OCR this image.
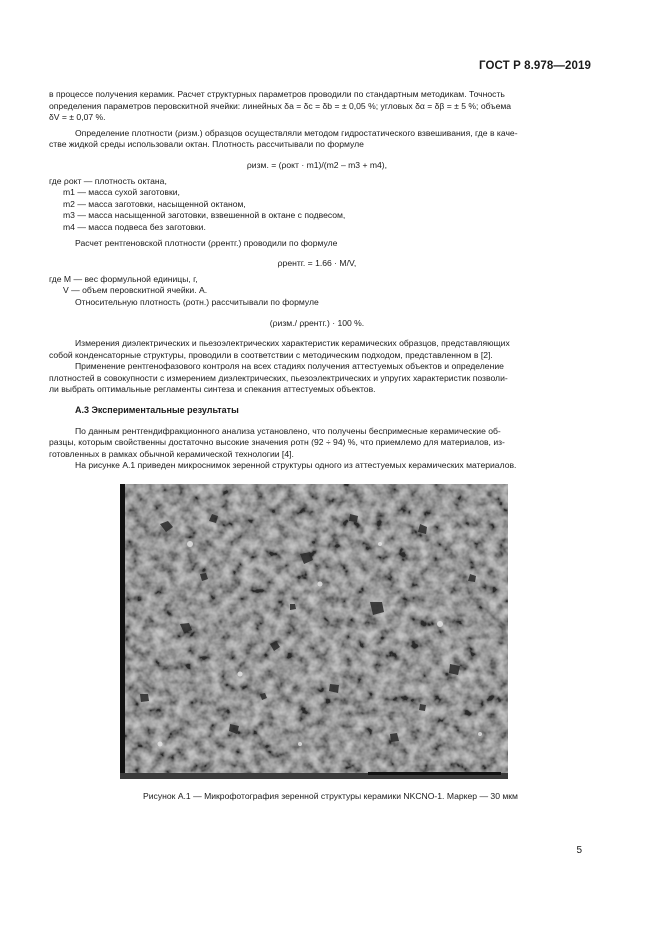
ГОСТ Р 8.978—2019

в процессе получения керамик. Расчет структурных параметров проводили по стандартным методикам. Точность

определения параметров перовскитной ячейки: линейных δa = δc = δb = ± 0,05 %; угловых δα = δβ = ± 5 %; объема

δV = ± 0,07 %.

Определение плотности (ρизм.) образцов осуществляли методом гидростатического взвешивания, где в каче-

стве жидкой среды использовали октан. Плотность рассчитывали по формуле

ρизм. = (ρокт · m1)/(m2 – m3 + m4),

где ρокт — плотность октана,

m1 — масса сухой заготовки,

m2 — масса заготовки, насыщенной октаном,

m3 — масса насыщенной заготовки, взвешенной в октане с подвесом,

m4 — масса подвеса без заготовки.

Расчет рентгеновской плотности (ρрентг.) проводили по формуле

ρрентг. = 1.66 · M/V,

где M — вес формульной единицы, г,

V — объем перовскитной ячейки. А.

Относительную плотность (ρотн.) рассчитывали по формуле

(ρизм./ ρрентг.) · 100 %.

Измерения диэлектрических и пьезоэлектрических характеристик керамических образцов, представляющих

собой конденсаторные структуры, проводили в соответствии с методическим подходом, представленном в [2].

Применение рентгенофазового контроля на всех стадиях получения аттестуемых объектов и определение

плотностей в совокупности с измерением диэлектрических, пьезоэлектрических и упругих характеристик позволи-

ли выбрать оптимальные регламенты синтеза и спекания аттестуемых объектов.

А.3 Экспериментальные результаты

По данным рентгендифракционного анализа установлено, что получены беспримесные керамические об-

разцы, которым свойственны достаточно высокие значения ρотн (92 ÷ 94) %, что приемлемо для материалов, из-

готовленных в рамках обычной керамической технологии [4].

На рисунке А.1 приведен микроснимок зеренной структуры одного из аттестуемых керамических материалов.

Рисунок А.1 — Микрофотография зеренной структуры керамики NKCNO-1. Маркер — 30 мкм
5
